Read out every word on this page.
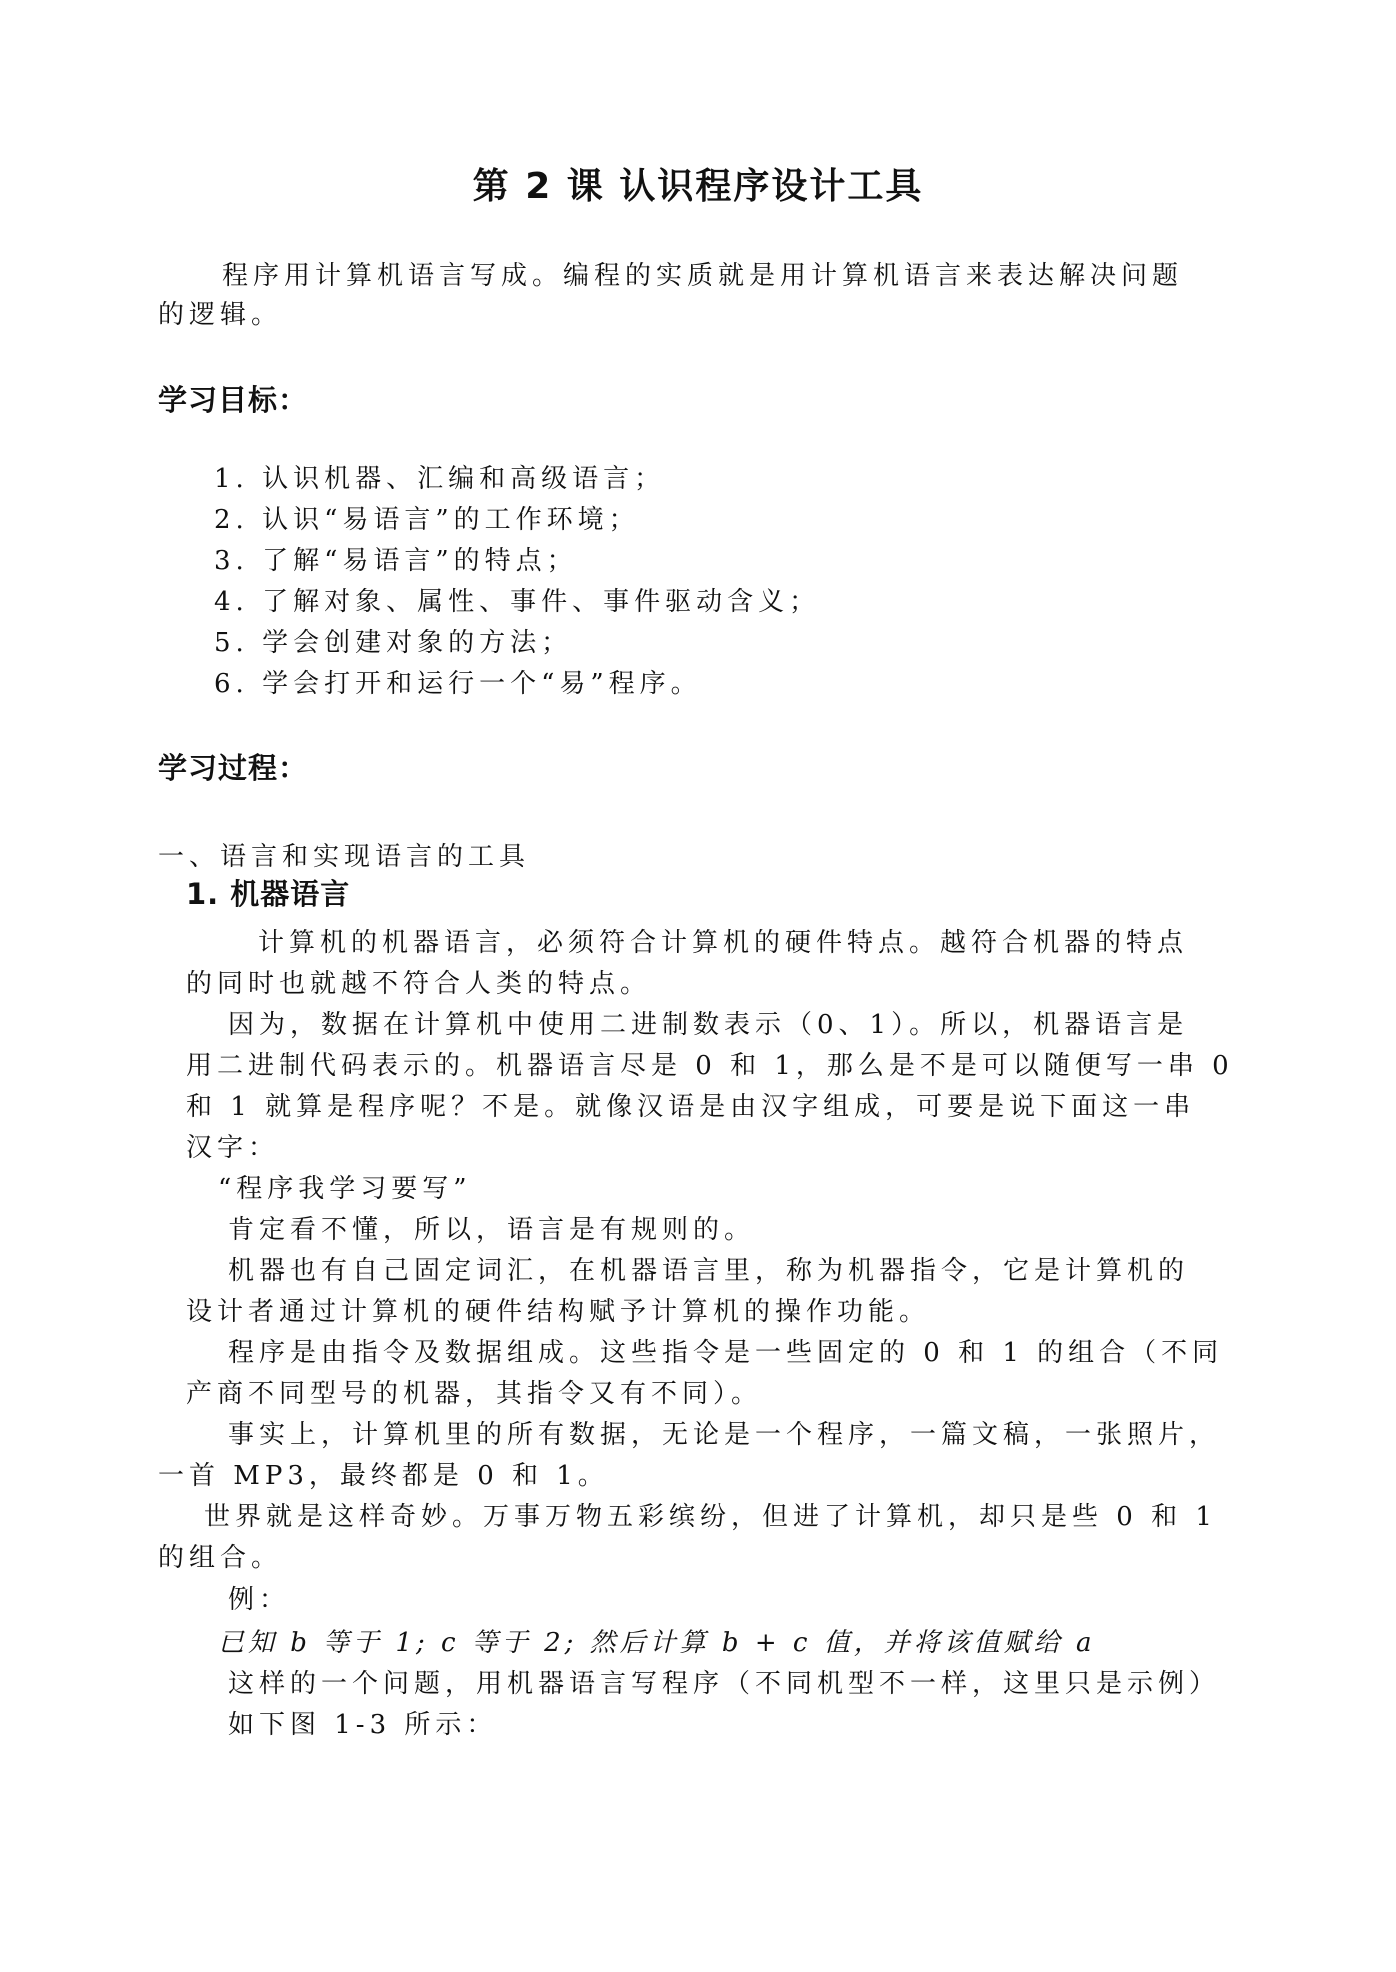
第 2 课 认识程序设计工具
程序用计算机语言写成。编程的实质就是用计算机语言来表达解决问题
的逻辑。
学习目标：
1. 认识机器、汇编和高级语言；
2. 认识“易语言”的工作环境；
3. 了解“易语言”的特点；
4. 了解对象、属性、事件、事件驱动含义；
5. 学会创建对象的方法；
6. 学会打开和运行一个“易”程序。
学习过程：
一、语言和实现语言的工具
1. 机器语言
计算机的机器语言，必须符合计算机的硬件特点。越符合机器的特点
的同时也就越不符合人类的特点。
因为，数据在计算机中使用二进制数表示（0、1）。所以，机器语言是
用二进制代码表示的。机器语言尽是 0 和 1，那么是不是可以随便写一串 0
和 1 就算是程序呢？不是。就像汉语是由汉字组成，可要是说下面这一串
汉字：
“程序我学习要写”
肯定看不懂，所以，语言是有规则的。
机器也有自己固定词汇，在机器语言里，称为机器指令，它是计算机的
设计者通过计算机的硬件结构赋予计算机的操作功能。
程序是由指令及数据组成。这些指令是一些固定的 0 和 1 的组合（不同
产商不同型号的机器，其指令又有不同）。
事实上，计算机里的所有数据，无论是一个程序，一篇文稿，一张照片，
一首 MP3，最终都是 0 和 1。
世界就是这样奇妙。万事万物五彩缤纷，但进了计算机，却只是些 0 和 1
的组合。
例：
已知 b 等于 1; c 等于 2; 然后计算 b + c 值，并将该值赋给 a
这样的一个问题，用机器语言写程序（不同机型不一样，这里只是示例）
如下图 1-3 所示：
